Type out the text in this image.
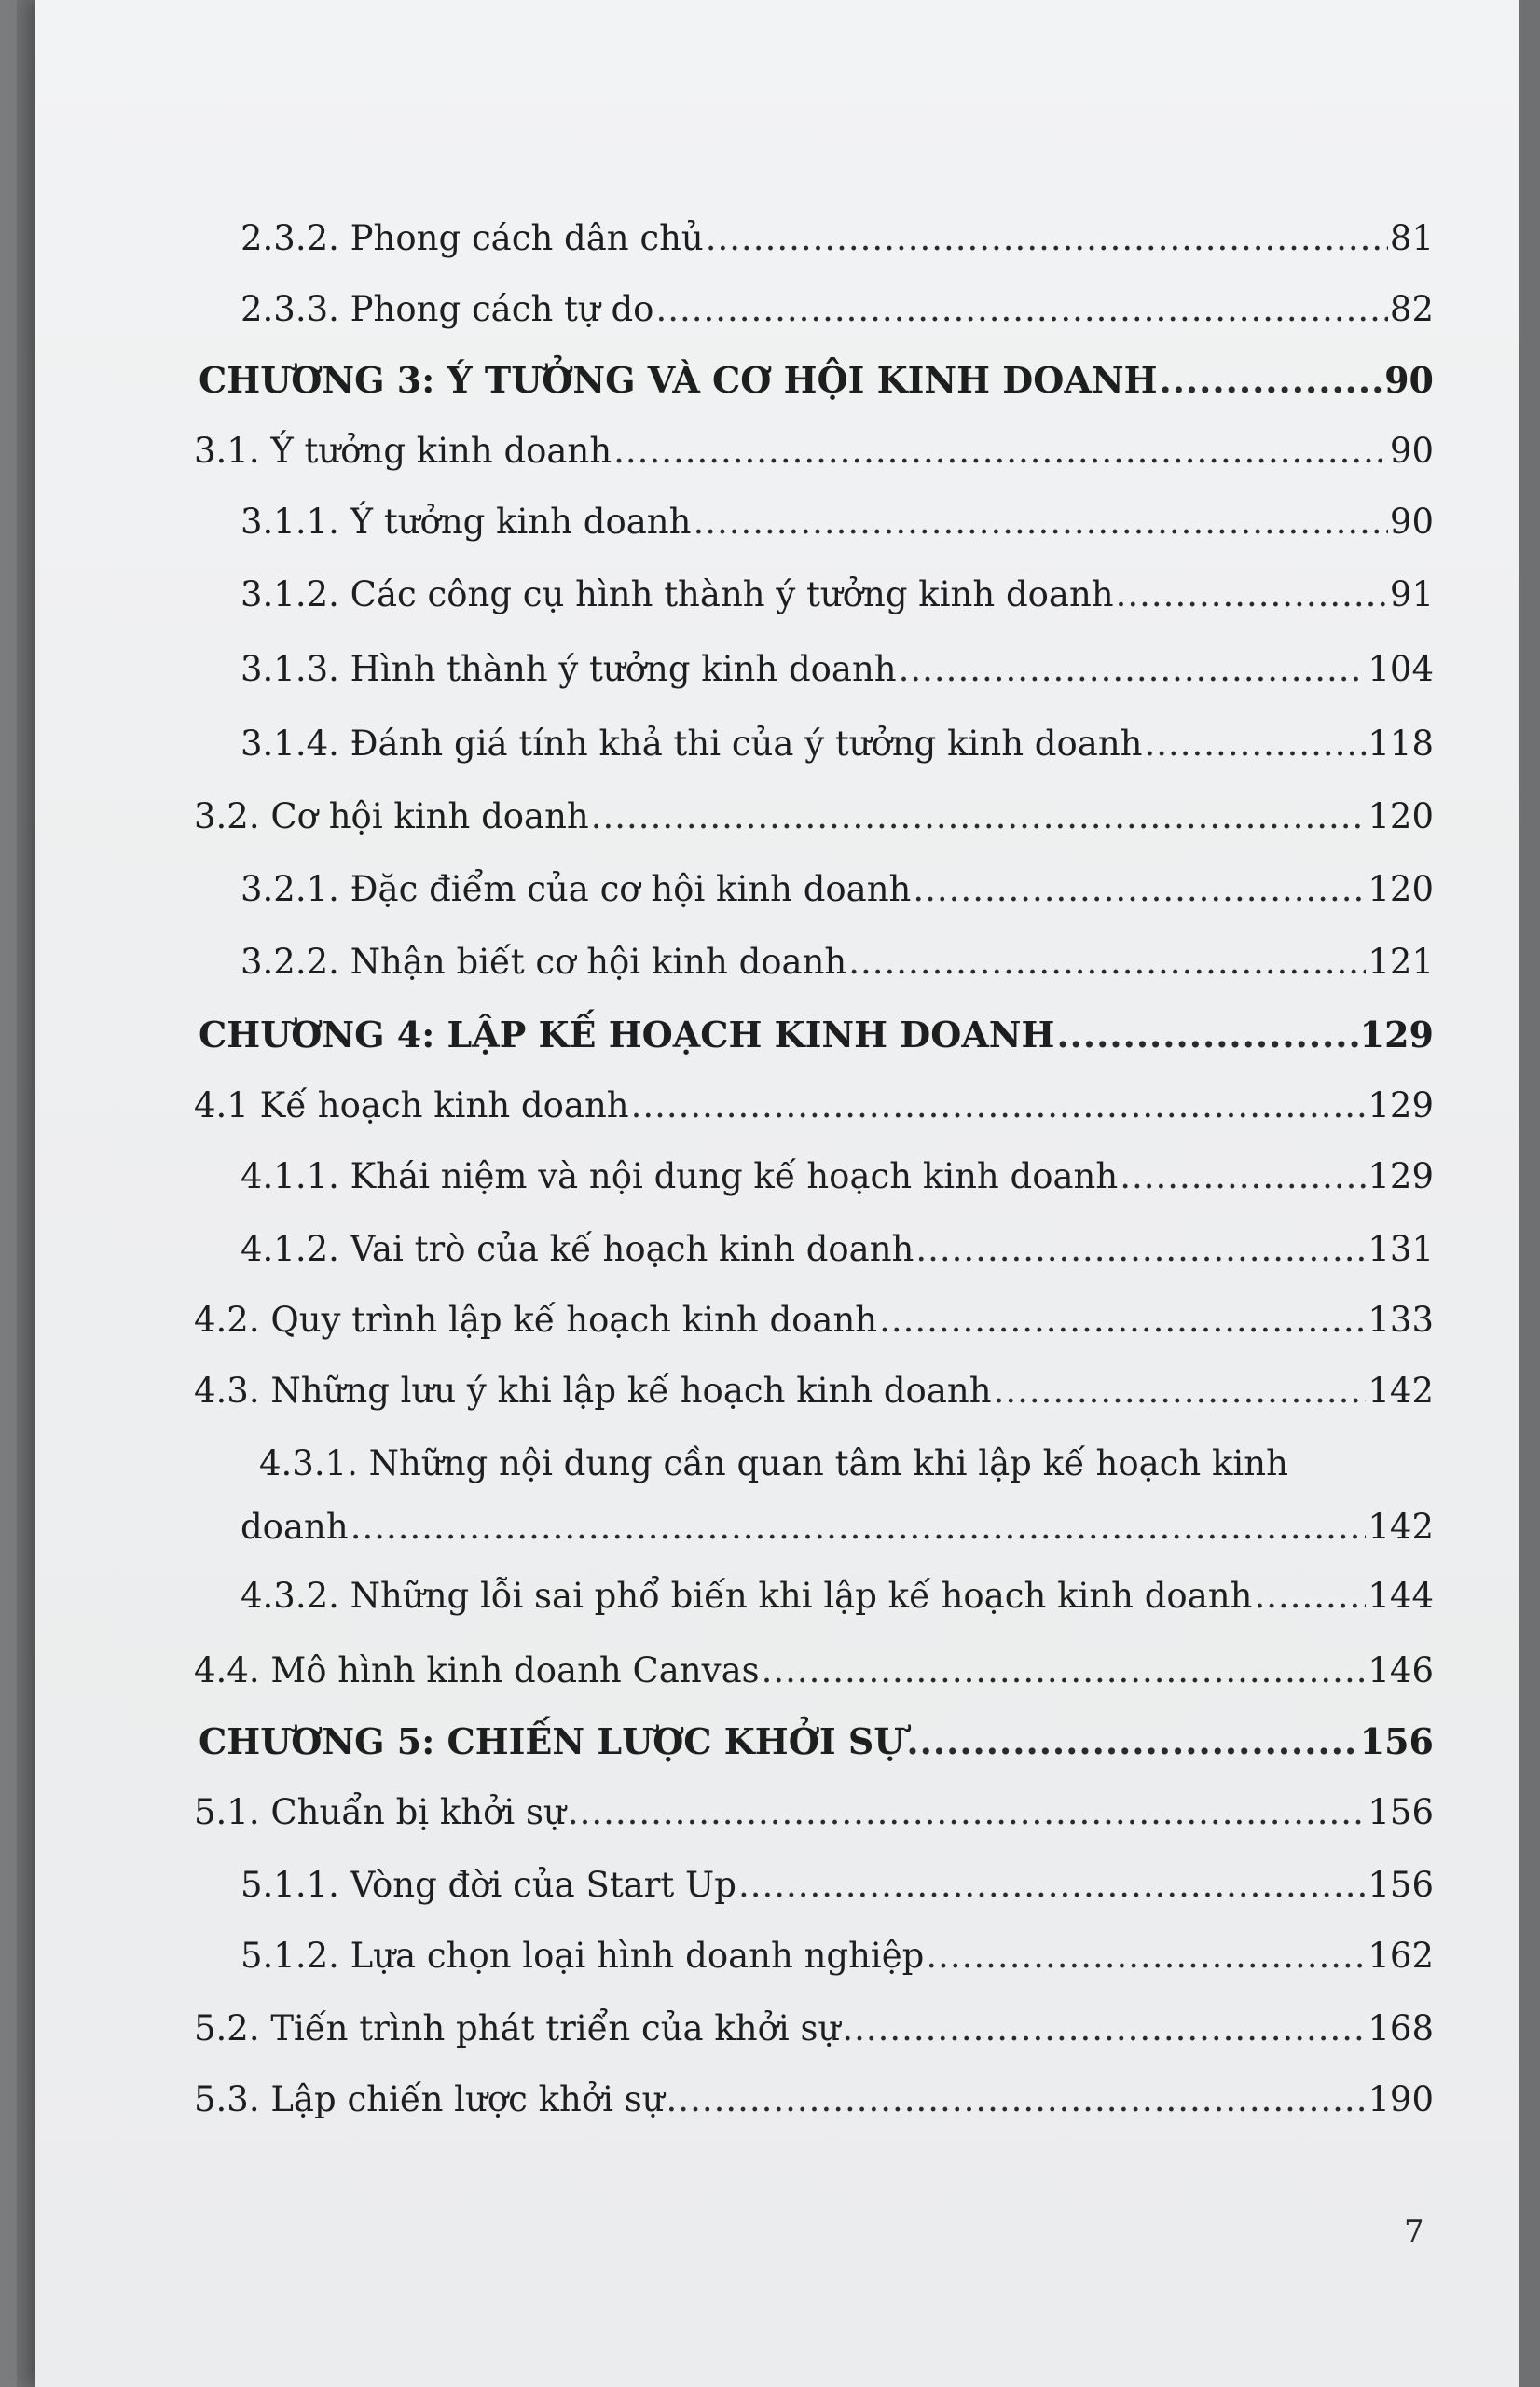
2.3.2. Phong cách dân chủ .....	81
2.3.3. Phong cách tự do .....	82
CHƯƠNG 3: Ý TƯỞNG VÀ CƠ HỘI KINH DOANH .....	90
3.1. Ý tưởng kinh doanh .....	90
3.1.1. Ý tưởng kinh doanh .....	90
3.1.2. Các công cụ hình thành ý tưởng kinh doanh .....	91
3.1.3. Hình thành ý tưởng kinh doanh .....	104
3.1.4. Đánh giá tính khả thi của ý tưởng kinh doanh .....	118
3.2. Cơ hội kinh doanh .....	120
3.2.1. Đặc điểm của cơ hội kinh doanh .....	120
3.2.2. Nhận biết cơ hội kinh doanh .....	121
CHƯƠNG 4: LẬP KẾ HOẠCH KINH DOANH .....	129
4.1 Kế hoạch kinh doanh .....	129
4.1.1. Khái niệm và nội dung kế hoạch kinh doanh .....	129
4.1.2. Vai trò của kế hoạch kinh doanh .....	131
4.2. Quy trình lập kế hoạch kinh doanh .....	133
4.3. Những lưu ý khi lập kế hoạch kinh doanh .....	142
4.3.1. Những nội dung cần quan tâm khi lập kế hoạch kinh
doanh .....	142
4.3.2. Những lỗi sai phổ biến khi lập kế hoạch kinh doanh .....	144
4.4. Mô hình kinh doanh Canvas .....	146
CHƯƠNG 5: CHIẾN LƯỢC KHỞI SỰ .....	156
5.1. Chuẩn bị khởi sự .....	156
5.1.1. Vòng đời của Start Up .....	156
5.1.2. Lựa chọn loại hình doanh nghiệp .....	162
5.2. Tiến trình phát triển của khởi sự .....	168
5.3. Lập chiến lược khởi sự .....	190
7
